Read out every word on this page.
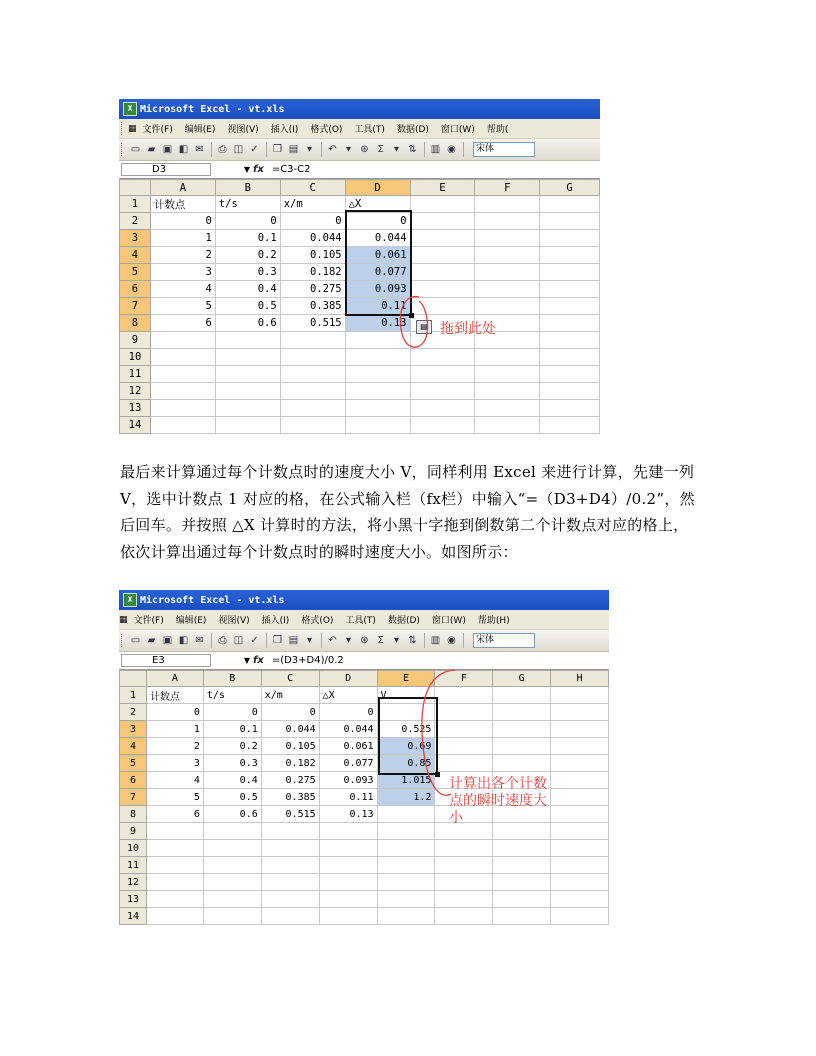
X Microsoft Excel - vt.xls
▦ 文件(F) 编辑(E) 视图(V) 插入(I) 格式(O) 工具(T) 数据(D) 窗口(W) 帮助(
▭ ▰ ▣ ◧ ✉	⎙ ◫ ✓	❐ ▤ ▾	↶ ▾ ⊛ Σ	▾ ⇅	▥ ◉	宋体
D3	▼ fx =C3-C2
	A	B	C	D	E	F	G
1	计数点	t/s	x/m	△X			
2	0	0	0	0			
3	1	0.1	0.044	0.044			
4	2	0.2	0.105	0.061			
5	3	0.3	0.182	0.077			
6	4	0.4	0.275	0.093			
7	5	0.5	0.385	0.11			
8	6	0.6	0.515	0.13			
9							
10							
11							
12							
13							
14							
▤ 拖到此处

最后来计算通过每个计数点时的速度大小 V，同样利用 Excel 来进行计算，先建一列 V，选中计数点 1 对应的格，在公式输入栏（fx栏）中输入“=（D3+D4）/0.2”，然后回车。并按照 △X 计算时的方法，将小黑十字拖到倒数第二个计数点对应的格上，依次计算出通过每个计数点时的瞬时速度大小。如图所示：

X Microsoft Excel - vt.xls
▦ 文件(F) 编辑(E) 视图(V) 插入(I) 格式(O) 工具(T) 数据(D) 窗口(W) 帮助(H)
▭ ▰ ▣ ◧ ✉	⎙ ◫ ✓	❐ ▤ ▾	↶ ▾ ⊛ Σ	▾ ⇅	▥ ◉	宋体
E3	▼ fx =(D3+D4)/0.2
	A	B	C	D	E	F	G	H
1	计数点	t/s	x/m	△X	V			
2	0	0	0	0				
3	1	0.1	0.044	0.044	0.525			
4	2	0.2	0.105	0.061	0.69			
5	3	0.3	0.182	0.077	0.85			
6	4	0.4	0.275	0.093	1.015			
7	5	0.5	0.385	0.11	1.2			
8	6	0.6	0.515	0.13				
9								
10								
11								
12								
13								
14								
计算出各个计数
点的瞬时速度大
小
